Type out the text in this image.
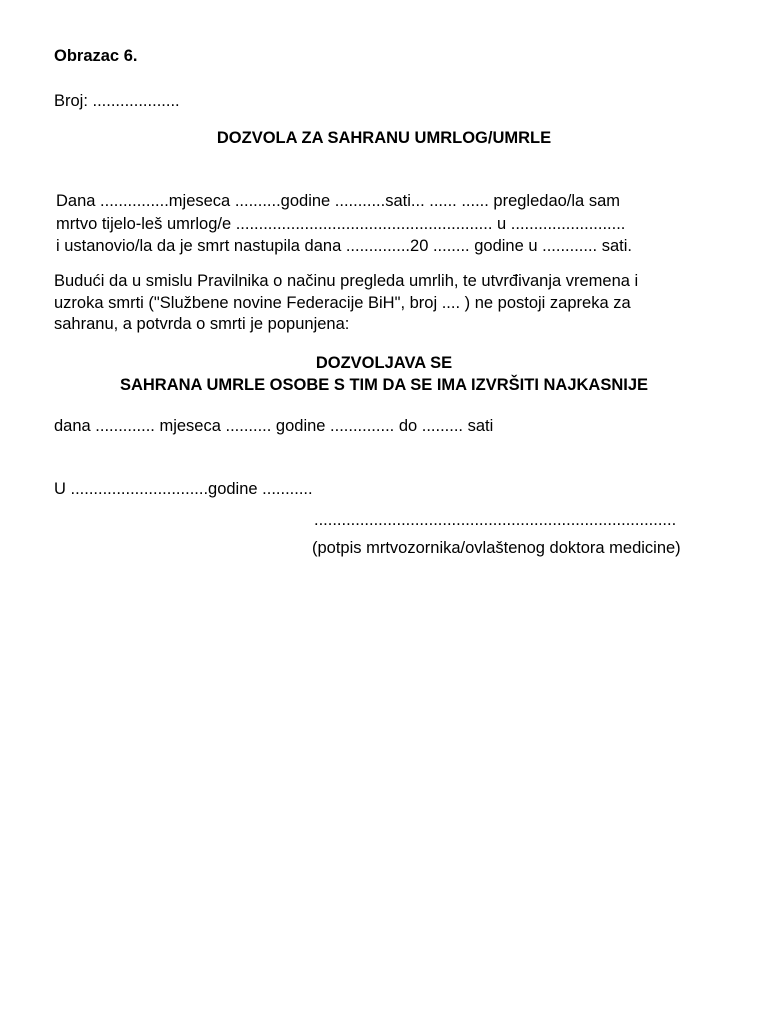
Obrazac 6.
Broj: ...................
DOZVOLA ZA SAHRANU UMRLOG/UMRLE
Dana ...............mjeseca ..........godine ...........sati... ...... ...... pregledao/la sam
mrtvo tijelo-leš umrlog/e ........................................................ u .........................
i ustanovio/la da je smrt nastupila dana ..............20 ........ godine u ............ sati.
Budući da u smislu Pravilnika o načinu pregleda umrlih, te utvrđivanja vremena i
uzroka smrti ("Službene novine Federacije BiH", broj .... ) ne postoji zapreka za
sahranu, a potvrda o smrti je popunjena:
DOZVOLJAVA SE
SAHRANA UMRLE OSOBE S TIM DA SE IMA IZVRŠITI NAJKASNIJE
dana ............. mjeseca .......... godine .............. do ......... sati
U ..............................godine ...........
...............................................................................
(potpis mrtvozornika/ovlaštenog doktora medicine)
